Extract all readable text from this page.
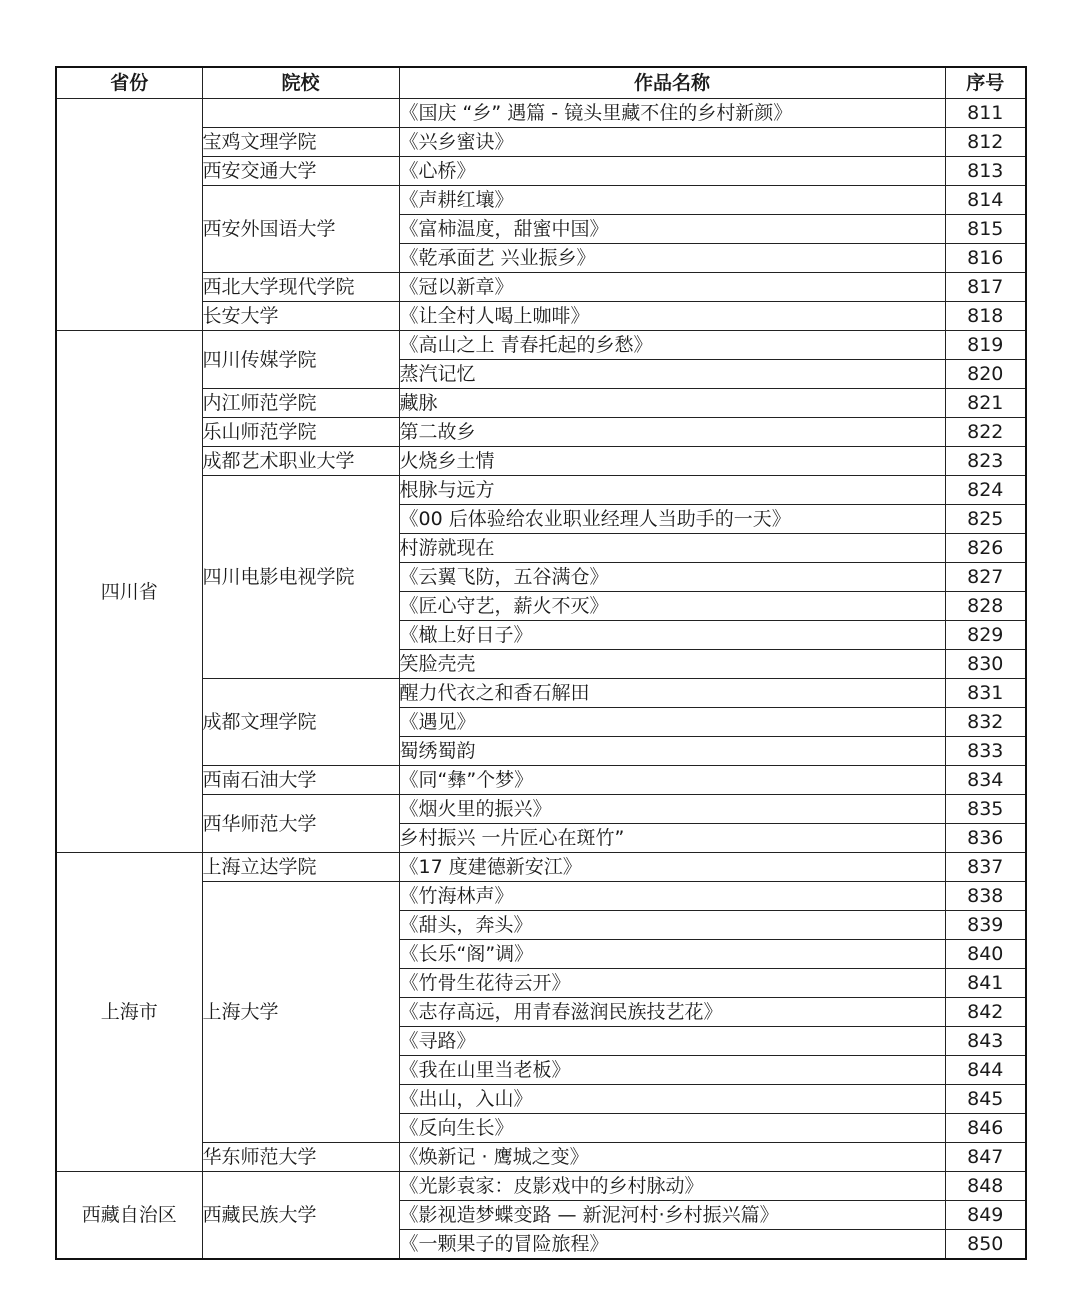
省份	院校	作品名称	序号
		《国庆 “乡” 遇篇 - 镜头里藏不住的乡村新颜》	811
	宝鸡文理学院	《兴乡蜜诀》	812
	西安交通大学	《心桥》	813
	西安外国语大学	《声耕红壤》	814
		《富柿温度，甜蜜中国》	815
		《乾承面艺 兴业振乡》	816
	西北大学现代学院	《冠以新章》	817
	长安大学	《让全村人喝上咖啡》	818
四川省	四川传媒学院	《高山之上 青春托起的乡愁》	819
		蒸汽记忆	820
	内江师范学院	藏脉	821
	乐山师范学院	第二故乡	822
	成都艺术职业大学	火烧乡土情	823
	四川电影电视学院	根脉与远方	824
		《00 后体验给农业职业经理人当助手的一天》	825
		村游就现在	826
		《云翼飞防，五谷满仓》	827
		《匠心守艺，薪火不灭》	828
		《橄上好日子》	829
		笑脸壳壳	830
	成都文理学院	醒力代衣之和香石解田	831
		《遇见》	832
		蜀绣蜀韵	833
	西南石油大学	《同“彝”个梦》	834
	西华师范大学	《烟火里的振兴》	835
		乡村振兴 一片匠心在斑竹”	836
上海市	上海立达学院	《17 度建德新安江》	837
	上海大学	《竹海林声》	838
		《甜头，奔头》	839
		《长乐“阁”调》	840
		《竹骨生花待云开》	841
		《志存高远，用青春滋润民族技艺花》	842
		《寻路》	843
		《我在山里当老板》	844
		《出山，入山》	845
		《反向生长》	846
	华东师范大学	《焕新记 · 鹰城之变》	847
西藏自治区	西藏民族大学	《光影袁家：皮影戏中的乡村脉动》	848
		《影视造梦蝶变路 — 新泥河村·乡村振兴篇》	849
		《一颗果子的冒险旅程》	850
